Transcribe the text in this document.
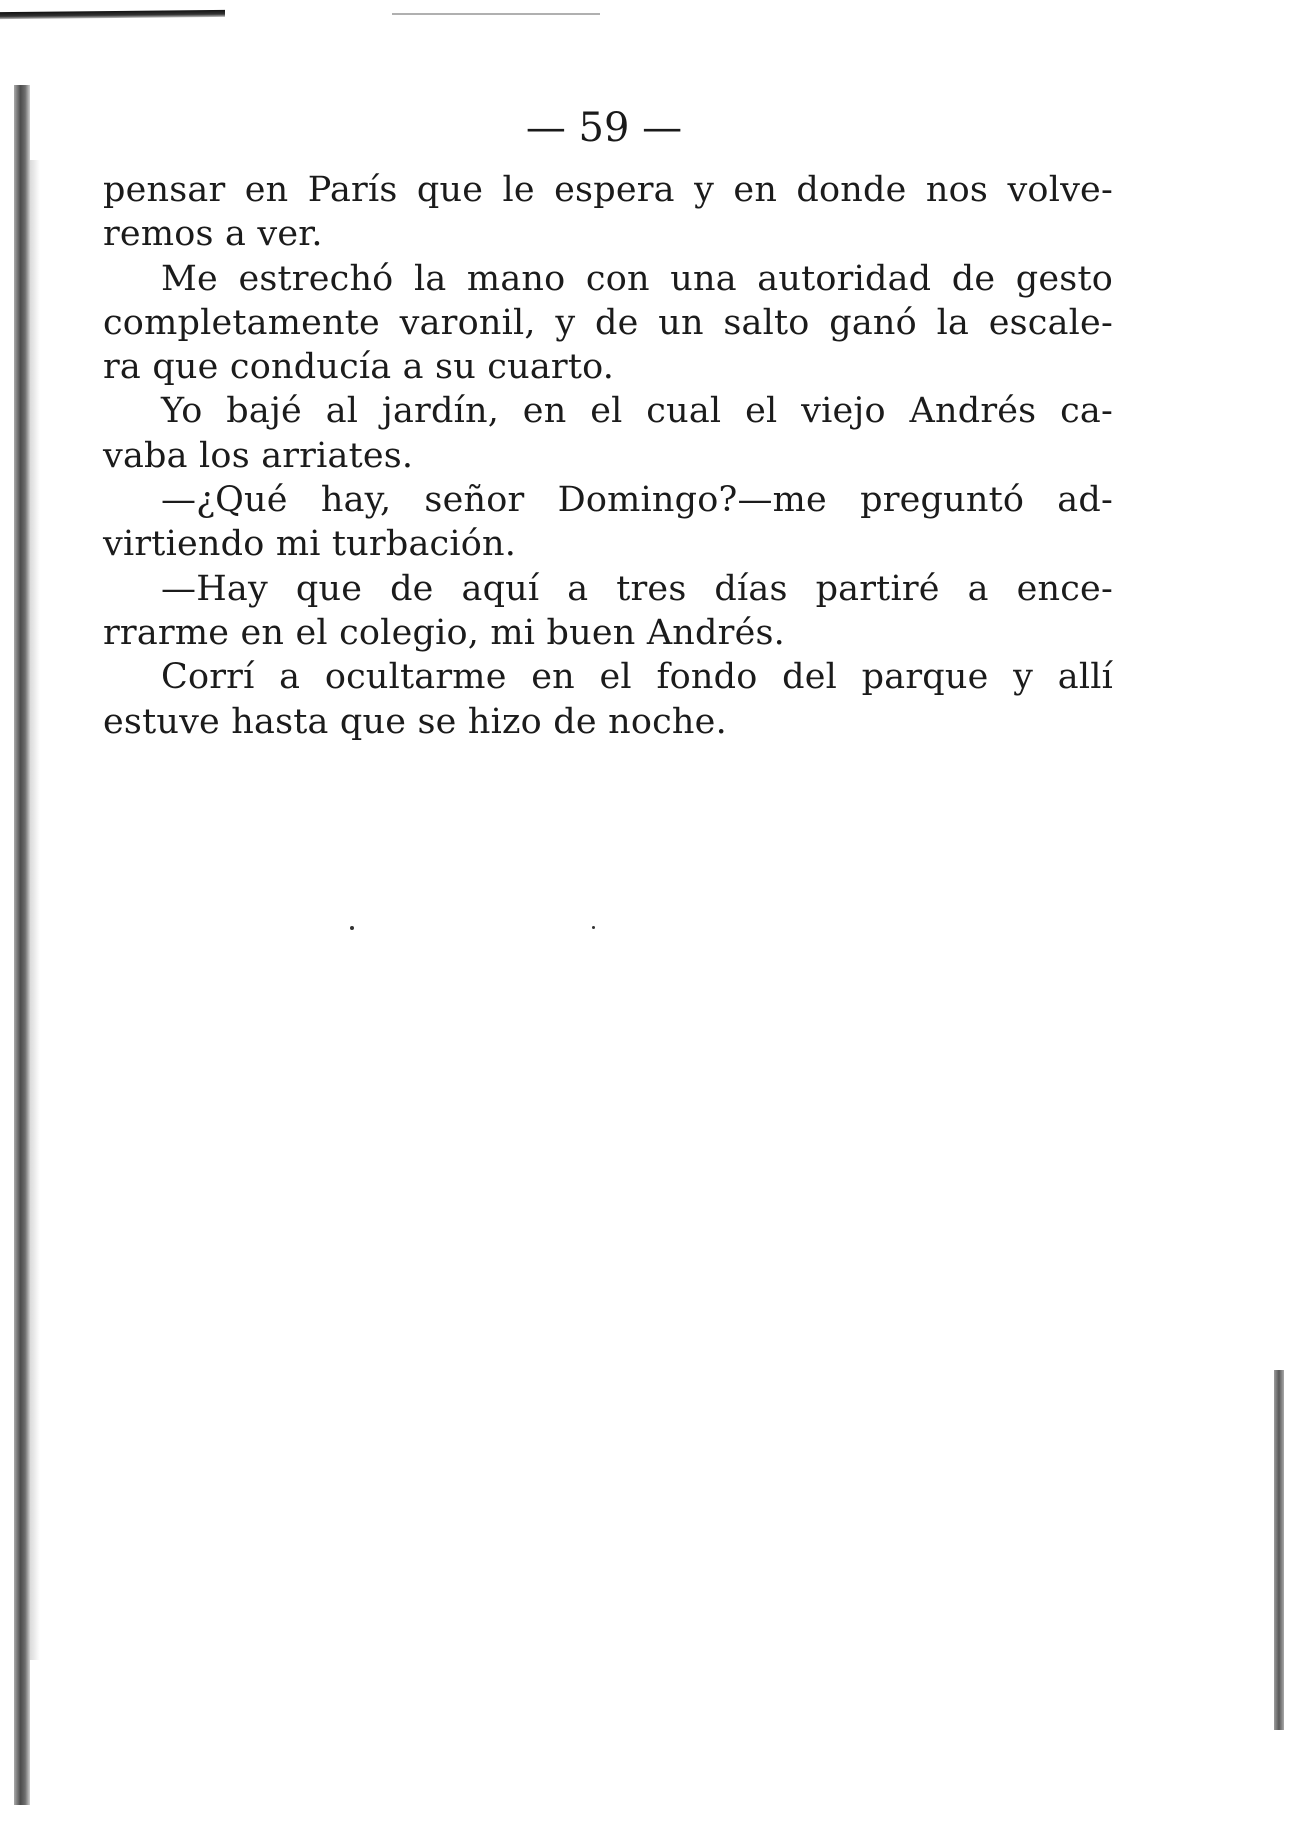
— 59 —
pensar en París que le espera y en donde nos volve-
remos a ver.
Me estrechó la mano con una autoridad de gesto
completamente varonil, y de un salto ganó la escale-
ra que conducía a su cuarto.
Yo bajé al jardín, en el cual el viejo Andrés ca-
vaba los arriates.
—¿Qué hay, señor Domingo?—me preguntó ad-
virtiendo mi turbación.
—Hay que de aquí a tres días partiré a ence-
rrarme en el colegio, mi buen Andrés.
Corrí a ocultarme en el fondo del parque y allí
estuve hasta que se hizo de noche.
